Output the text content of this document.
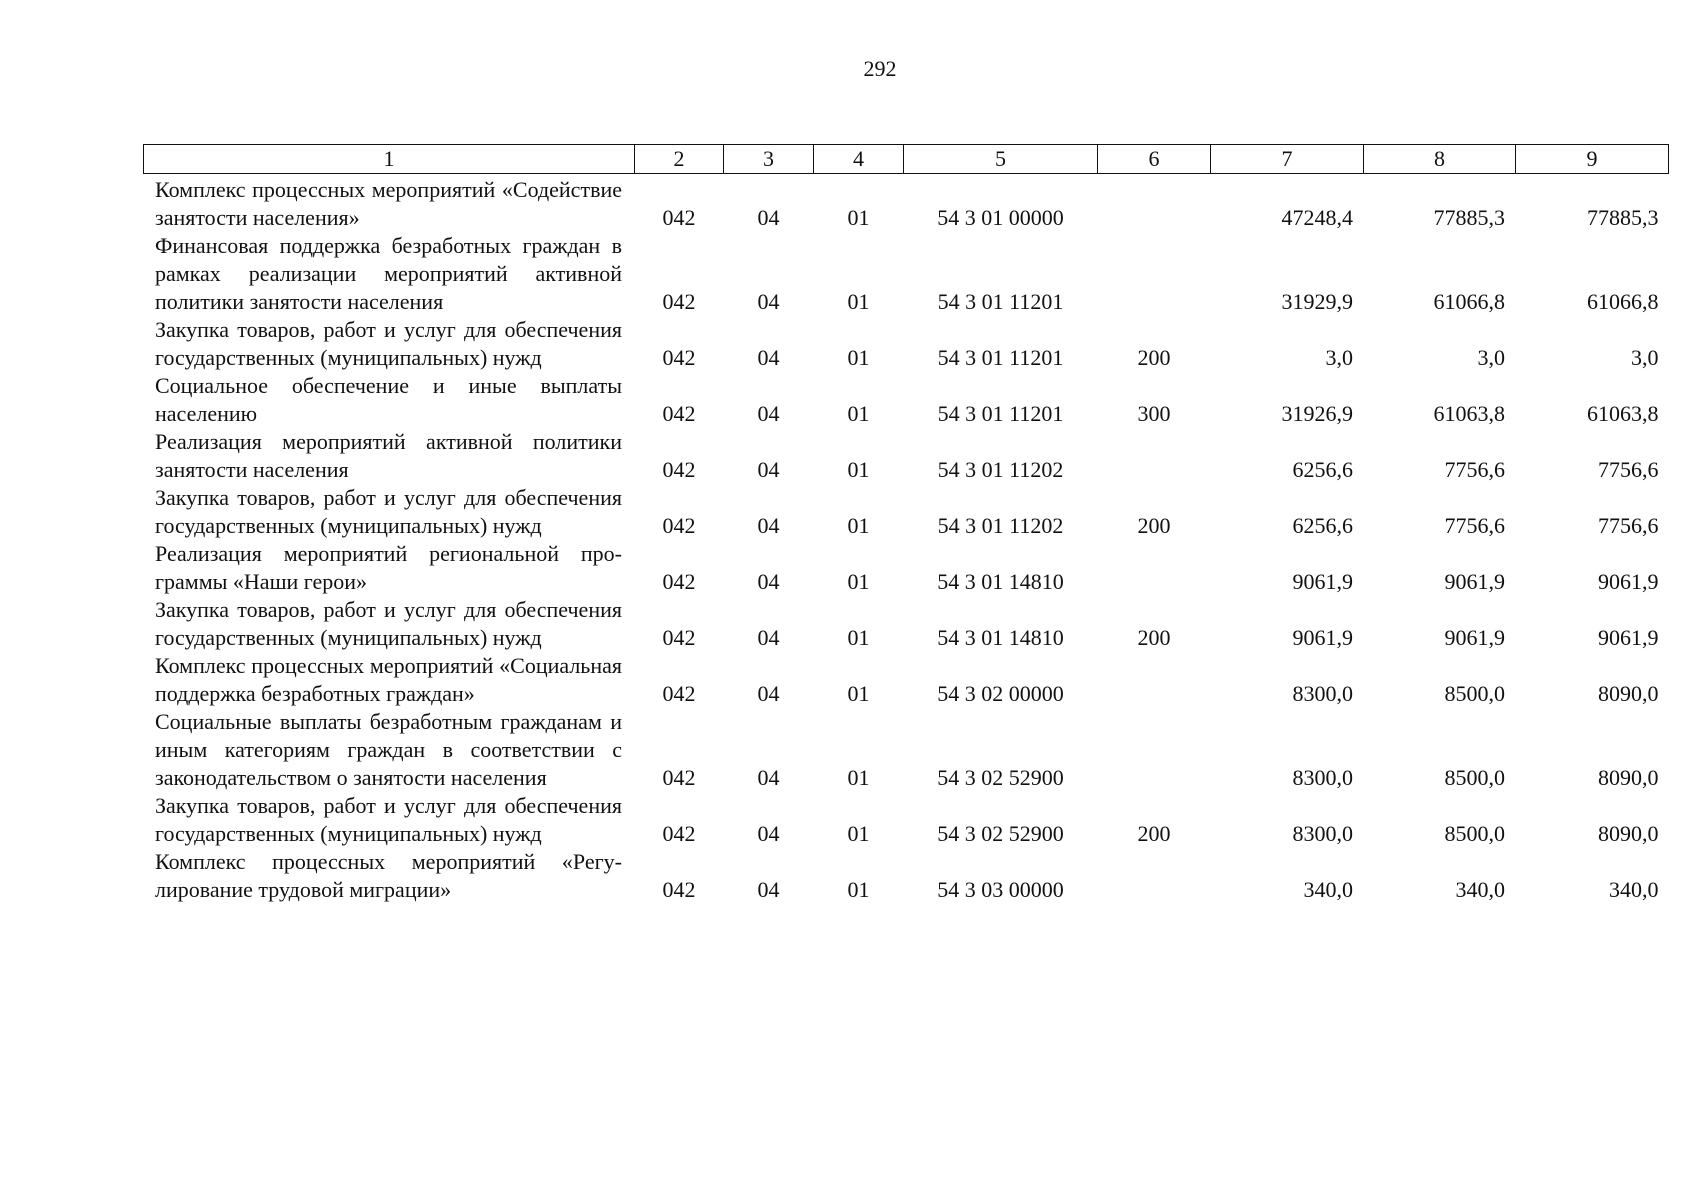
292
1	2	3	4	5	6	7	8	9
Комплекс процессных мероприятий «Содействие занятости населения»	042	04	01	54 3 01 00000		47248,4	77885,3	77885,3
Финансовая поддержка безработных граждан в рамках реализации мероприятий активной политики занятости населения	042	04	01	54 3 01 11201		31929,9	61066,8	61066,8
Закупка товаров, работ и услуг для обеспечения государственных (муниципальных) нужд	042	04	01	54 3 01 11201	200	3,0	3,0	3,0
Социальное обеспечение и иные выплаты населению	042	04	01	54 3 01 11201	300	31926,9	61063,8	61063,8
Реализация мероприятий активной политики занятости населения	042	04	01	54 3 01 11202		6256,6	7756,6	7756,6
Закупка товаров, работ и услуг для обеспечения государственных (муниципальных) нужд	042	04	01	54 3 01 11202	200	6256,6	7756,6	7756,6
Реализация мероприятий региональной программы «Наши герои»	042	04	01	54 3 01 14810		9061,9	9061,9	9061,9
Закупка товаров, работ и услуг для обеспечения государственных (муниципальных) нужд	042	04	01	54 3 01 14810	200	9061,9	9061,9	9061,9
Комплекс процессных мероприятий «Социальная поддержка безработных граждан»	042	04	01	54 3 02 00000		8300,0	8500,0	8090,0
Социальные выплаты безработным гражданам и иным категориям граждан в соответствии с законодательством о занятости населения	042	04	01	54 3 02 52900		8300,0	8500,0	8090,0
Закупка товаров, работ и услуг для обеспечения государственных (муниципальных) нужд	042	04	01	54 3 02 52900	200	8300,0	8500,0	8090,0
Комплекс процессных мероприятий «Регулирование трудовой миграции»	042	04	01	54 3 03 00000		340,0	340,0	340,0
